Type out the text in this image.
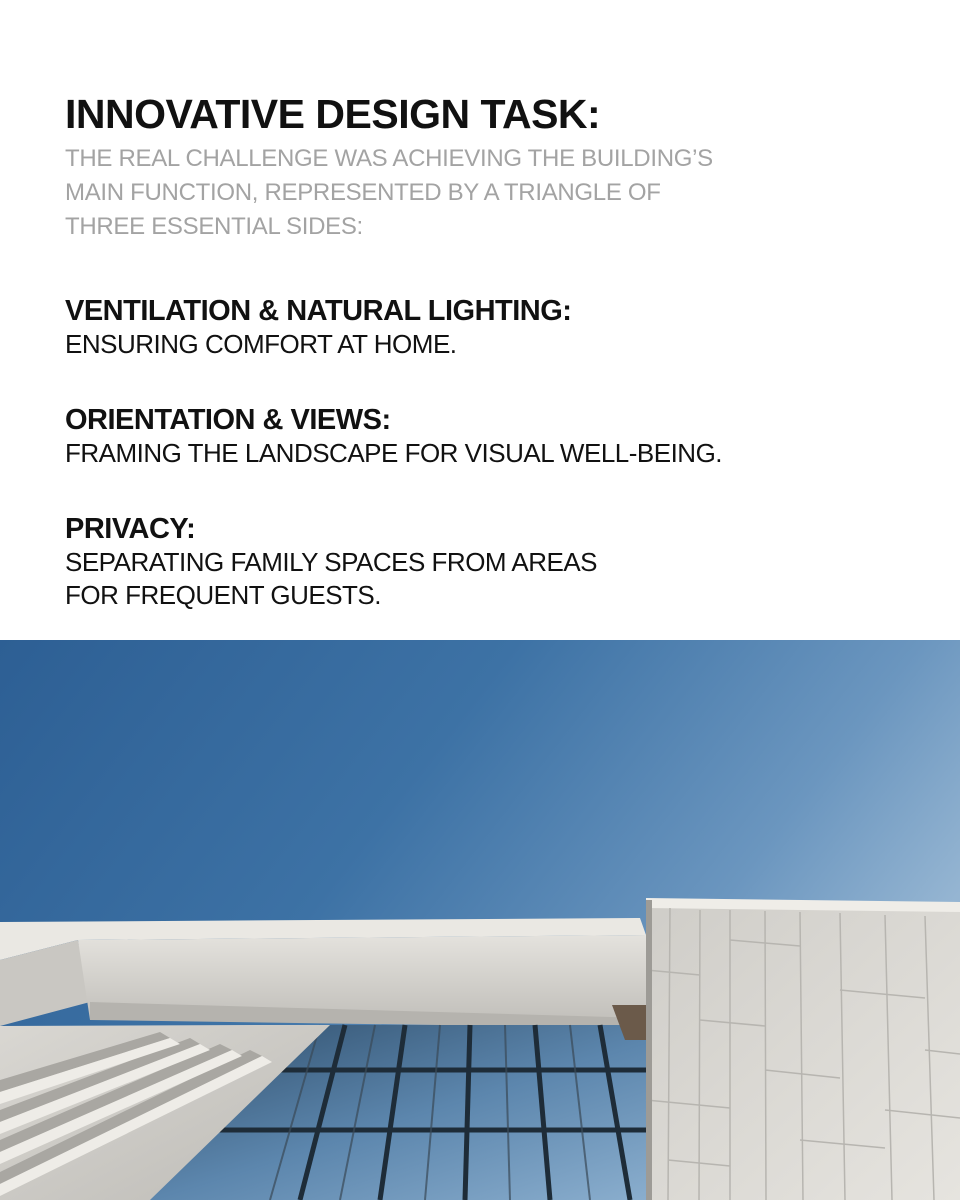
INNOVATIVE DESIGN TASK:

THE REAL CHALLENGE WAS ACHIEVING THE BUILDING’S
MAIN FUNCTION, REPRESENTED BY A TRIANGLE OF
THREE ESSENTIAL SIDES:

VENTILATION & NATURAL LIGHTING:

ENSURING COMFORT AT HOME.

ORIENTATION & VIEWS:

FRAMING THE LANDSCAPE FOR VISUAL WELL-BEING.

PRIVACY:

SEPARATING FAMILY SPACES FROM AREAS
FOR FREQUENT GUESTS.
